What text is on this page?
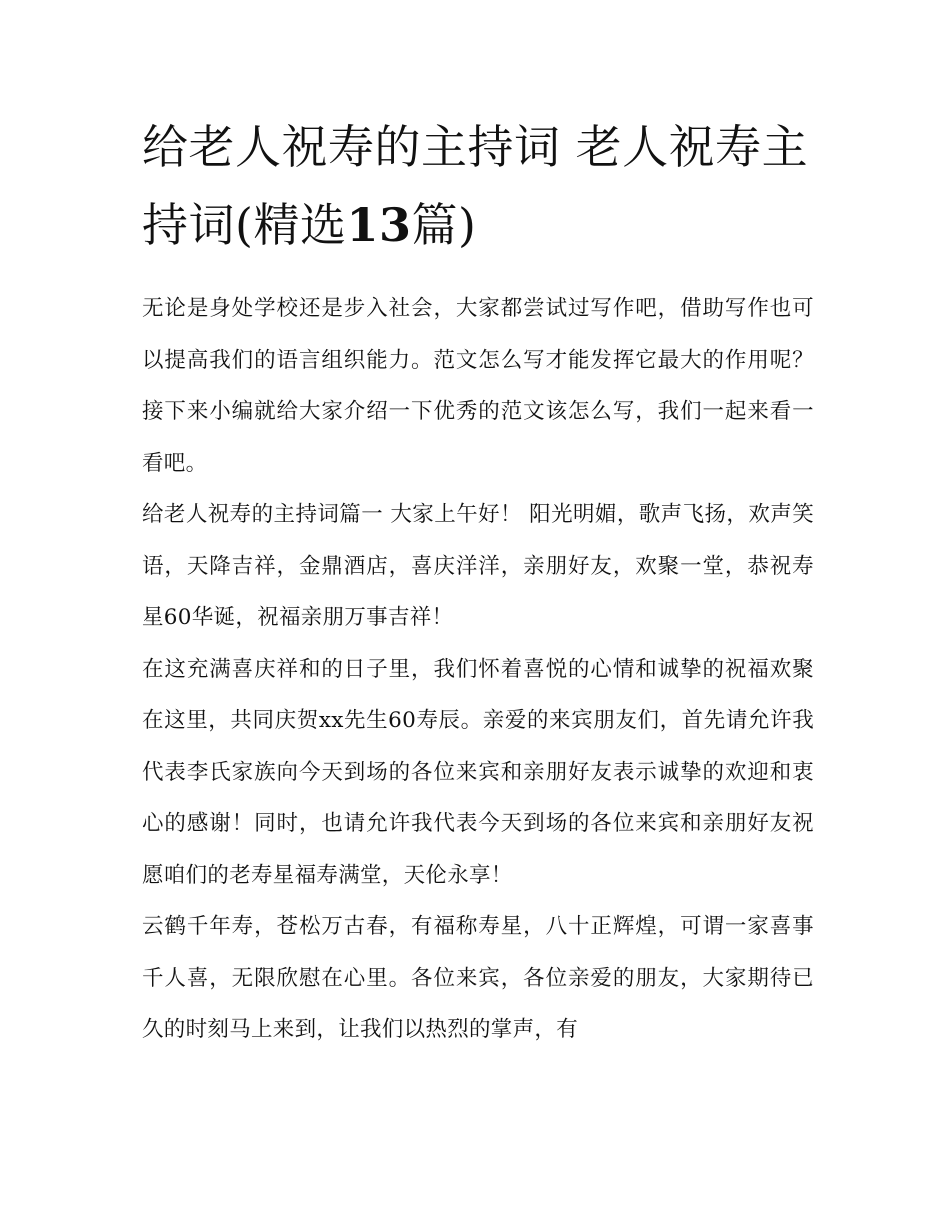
给老人祝寿的主持词 老人祝寿主持词(精选13篇)

无论是身处学校还是步入社会，大家都尝试过写作吧，借助写作也可以提高我们的语言组织能力。范文怎么写才能发挥它最大的作用呢？接下来小编就给大家介绍一下优秀的范文该怎么写，我们一起来看一看吧。

给老人祝寿的主持词篇一 大家上午好！ 阳光明媚，歌声飞扬，欢声笑语，天降吉祥，金鼎酒店，喜庆洋洋，亲朋好友，欢聚一堂，恭祝寿星60华诞，祝福亲朋万事吉祥！

在这充满喜庆祥和的日子里，我们怀着喜悦的心情和诚挚的祝福欢聚在这里，共同庆贺xx先生60寿辰。亲爱的来宾朋友们，首先请允许我代表李氏家族向今天到场的各位来宾和亲朋好友表示诚挚的欢迎和衷心的感谢！同时，也请允许我代表今天到场的各位来宾和亲朋好友祝愿咱们的老寿星福寿满堂，天伦永享！

云鹤千年寿，苍松万古春，有福称寿星，八十正辉煌，可谓一家喜事千人喜，无限欣慰在心里。各位来宾，各位亲爱的朋友，大家期待已久的时刻马上来到，让我们以热烈的掌声，有
